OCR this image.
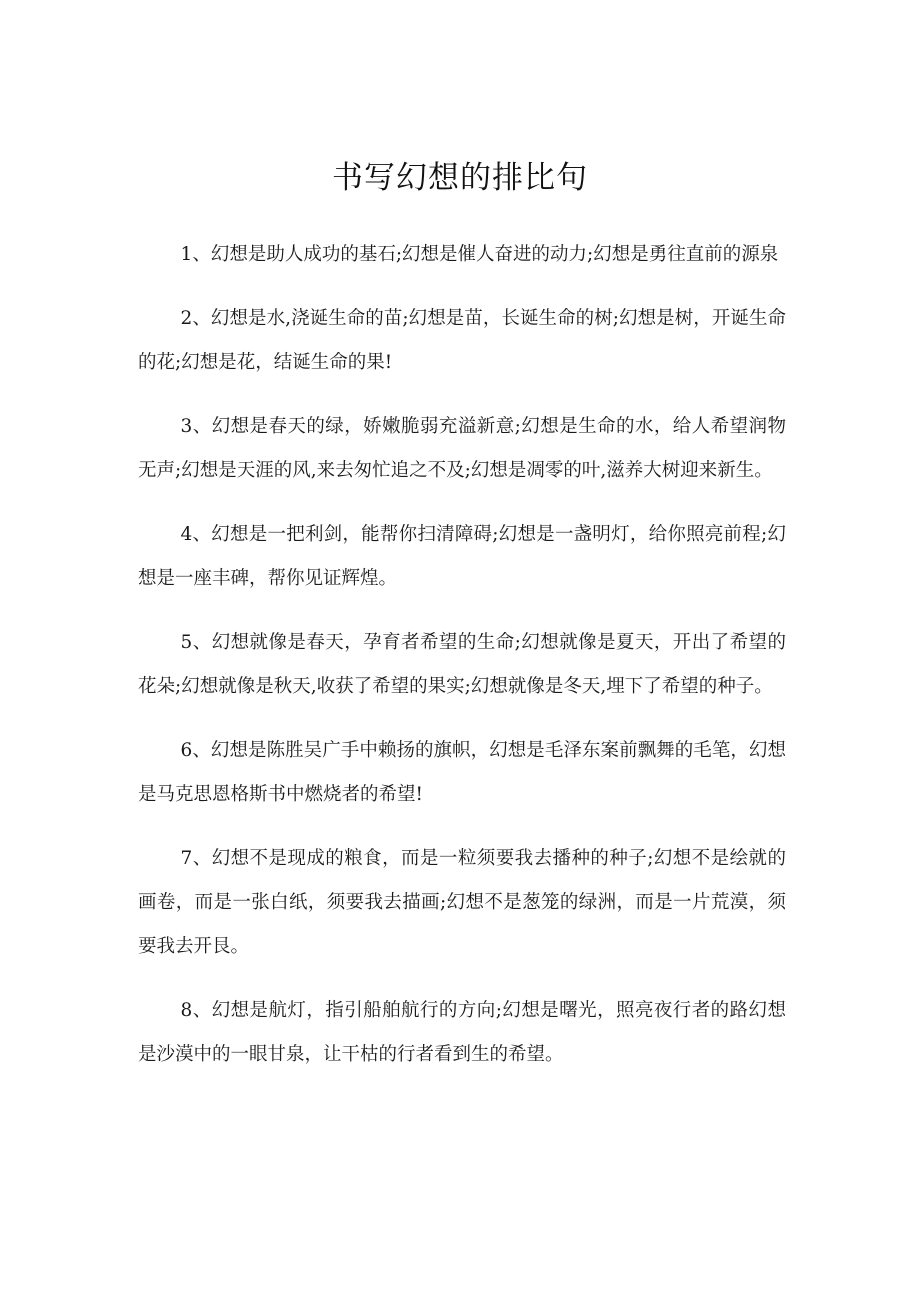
书写幻想的排比句

1、幻想是助人成功的基石;幻想是催人奋进的动力;幻想是勇往直前的源泉

2、幻想是水,浇诞生命的苗;幻想是苗，长诞生命的树;幻想是树，开诞生命的花;幻想是花，结诞生命的果!

3、幻想是春天的绿，娇嫩脆弱充溢新意;幻想是生命的水，给人希望润物无声;幻想是天涯的风,来去匆忙追之不及;幻想是凋零的叶,滋养大树迎来新生。

4、幻想是一把利剑，能帮你扫清障碍;幻想是一盏明灯，给你照亮前程;幻想是一座丰碑，帮你见证辉煌。

5、幻想就像是春天，孕育者希望的生命;幻想就像是夏天，开出了希望的花朵;幻想就像是秋天,收获了希望的果实;幻想就像是冬天,埋下了希望的种子。

6、幻想是陈胜吴广手中赖扬的旗帜，幻想是毛泽东案前飘舞的毛笔，幻想是马克思恩格斯书中燃烧者的希望!

7、幻想不是现成的粮食，而是一粒须要我去播种的种子;幻想不是绘就的画卷，而是一张白纸，须要我去描画;幻想不是葱笼的绿洲，而是一片荒漠，须要我去开艮。

8、幻想是航灯，指引船舶航行的方向;幻想是曙光，照亮夜行者的路幻想是沙漠中的一眼甘泉，让干枯的行者看到生的希望。
